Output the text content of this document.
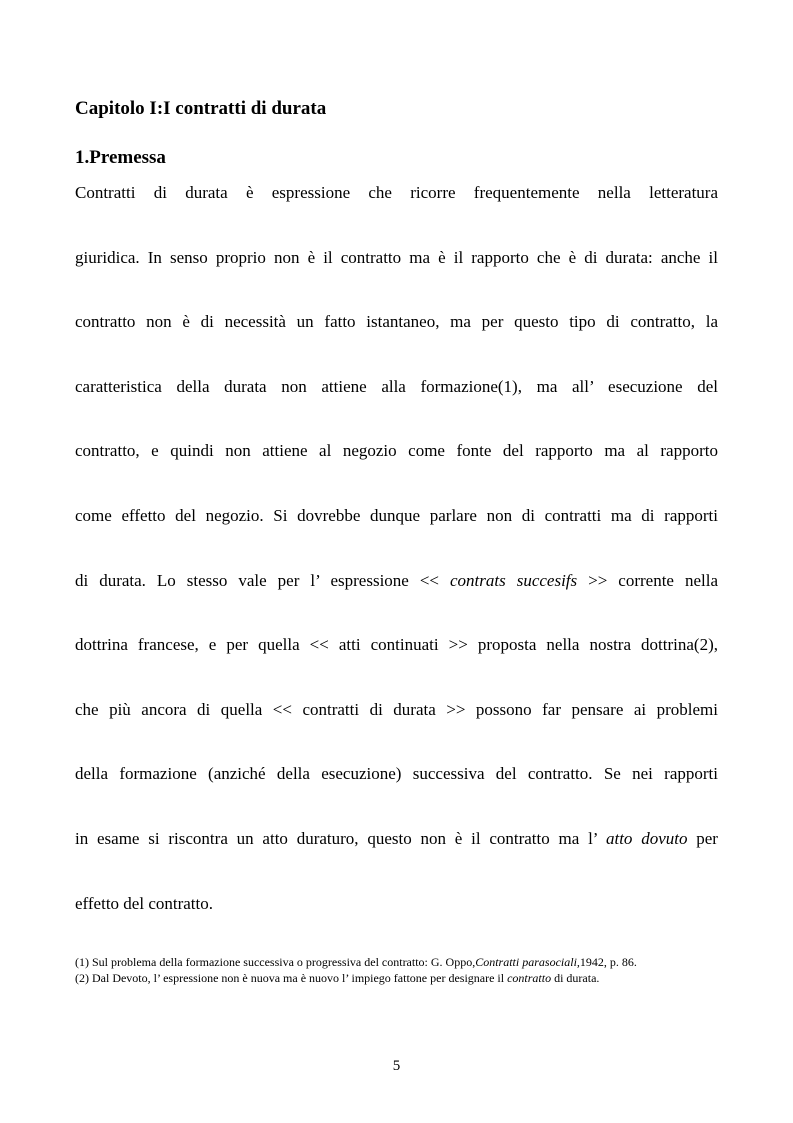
Capitolo I:I contratti di durata
1.Premessa

Contratti di durata è espressione che ricorre frequentemente nella letteratura

giuridica. In senso proprio non è il contratto ma è il rapporto che è di durata: anche il

contratto non è di necessità un fatto istantaneo, ma per questo tipo di contratto, la

caratteristica della durata non attiene alla formazione(1), ma all’ esecuzione del

contratto, e quindi non attiene al negozio come fonte del rapporto ma al rapporto

come effetto del negozio. Si dovrebbe dunque parlare non di contratti ma di rapporti

di durata. Lo stesso vale per l’ espressione << contrats succesifs >> corrente nella

dottrina francese, e per quella << atti continuati >> proposta nella nostra dottrina(2),

che più ancora di quella << contratti di durata >> possono far pensare ai problemi

della formazione (anziché della esecuzione) successiva del contratto. Se nei rapporti

in esame si riscontra un atto duraturo, questo non è il contratto ma l’ atto dovuto per

effetto del contratto.

(1) Sul problema della formazione successiva o progressiva del contratto: G. Oppo,Contratti parasociali,1942, p. 86.

(2) Dal Devoto, l’ espressione non è nuova ma è nuovo l’ impiego fattone per designare il contratto di durata.

5
